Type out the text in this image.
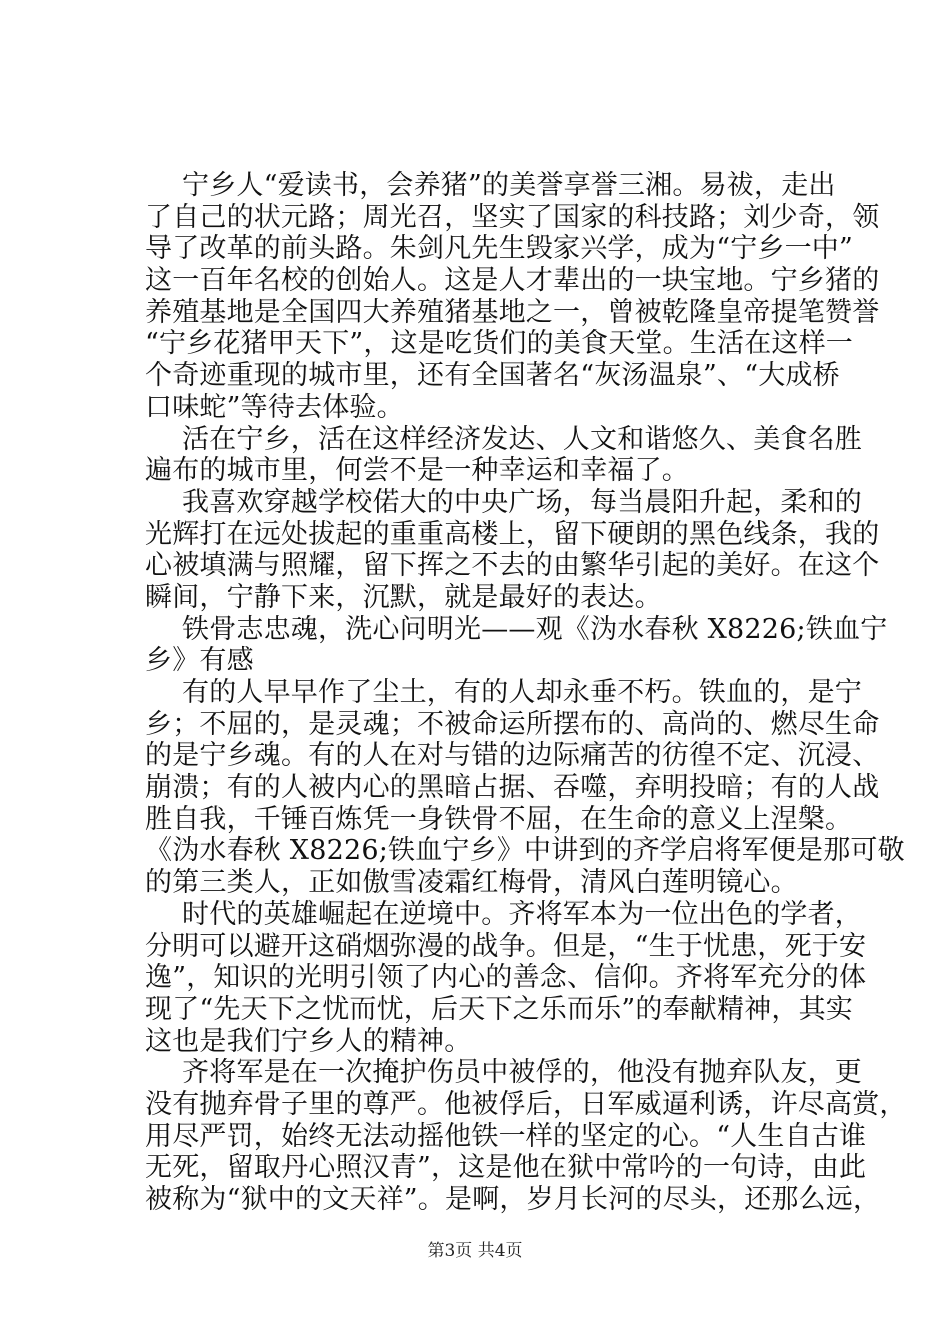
宁乡人“爱读书，会养猪”的美誉享誉三湘。易祓，走出
了自己的状元路；周光召，坚实了国家的科技路；刘少奇，领
导了改革的前头路。朱剑凡先生毁家兴学，成为“宁乡一中”
这一百年名校的创始人。这是人才辈出的一块宝地。宁乡猪的
养殖基地是全国四大养殖猪基地之一，曾被乾隆皇帝提笔赞誉
“宁乡花猪甲天下”，这是吃货们的美食天堂。生活在这样一
个奇迹重现的城市里，还有全国著名“灰汤温泉”、“大成桥
口味蛇”等待去体验。
活在宁乡，活在这样经济发达、人文和谐悠久、美食名胜
遍布的城市里，何尝不是一种幸运和幸福了。
我喜欢穿越学校偌大的中央广场，每当晨阳升起，柔和的
光辉打在远处拔起的重重高楼上，留下硬朗的黑色线条，我的
心被填满与照耀，留下挥之不去的由繁华引起的美好。在这个
瞬间，宁静下来，沉默，就是最好的表达。
铁骨志忠魂，洗心问明光——观《沩水春秋 X8226;铁血宁
乡》有感
有的人早早作了尘土，有的人却永垂不朽。铁血的，是宁
乡；不屈的，是灵魂；不被命运所摆布的、高尚的、燃尽生命
的是宁乡魂。有的人在对与错的边际痛苦的彷徨不定、沉浸、
崩溃；有的人被内心的黑暗占据、吞噬，弃明投暗；有的人战
胜自我，千锤百炼凭一身铁骨不屈，在生命的意义上涅槃。
《沩水春秋 X8226;铁血宁乡》中讲到的齐学启将军便是那可敬
的第三类人，正如傲雪凌霜红梅骨，清风白莲明镜心。
时代的英雄崛起在逆境中。齐将军本为一位出色的学者，
分明可以避开这硝烟弥漫的战争。但是，“生于忧患，死于安
逸”，知识的光明引领了内心的善念、信仰。齐将军充分的体
现了“先天下之忧而忧，后天下之乐而乐”的奉献精神，其实
这也是我们宁乡人的精神。
齐将军是在一次掩护伤员中被俘的，他没有抛弃队友，更
没有抛弃骨子里的尊严。他被俘后，日军威逼利诱，许尽高赏，
用尽严罚，始终无法动摇他铁一样的坚定的心。“人生自古谁
无死，留取丹心照汉青”，这是他在狱中常吟的一句诗，由此
被称为“狱中的文天祥”。是啊，岁月长河的尽头，还那么远，
第3页 共4页
